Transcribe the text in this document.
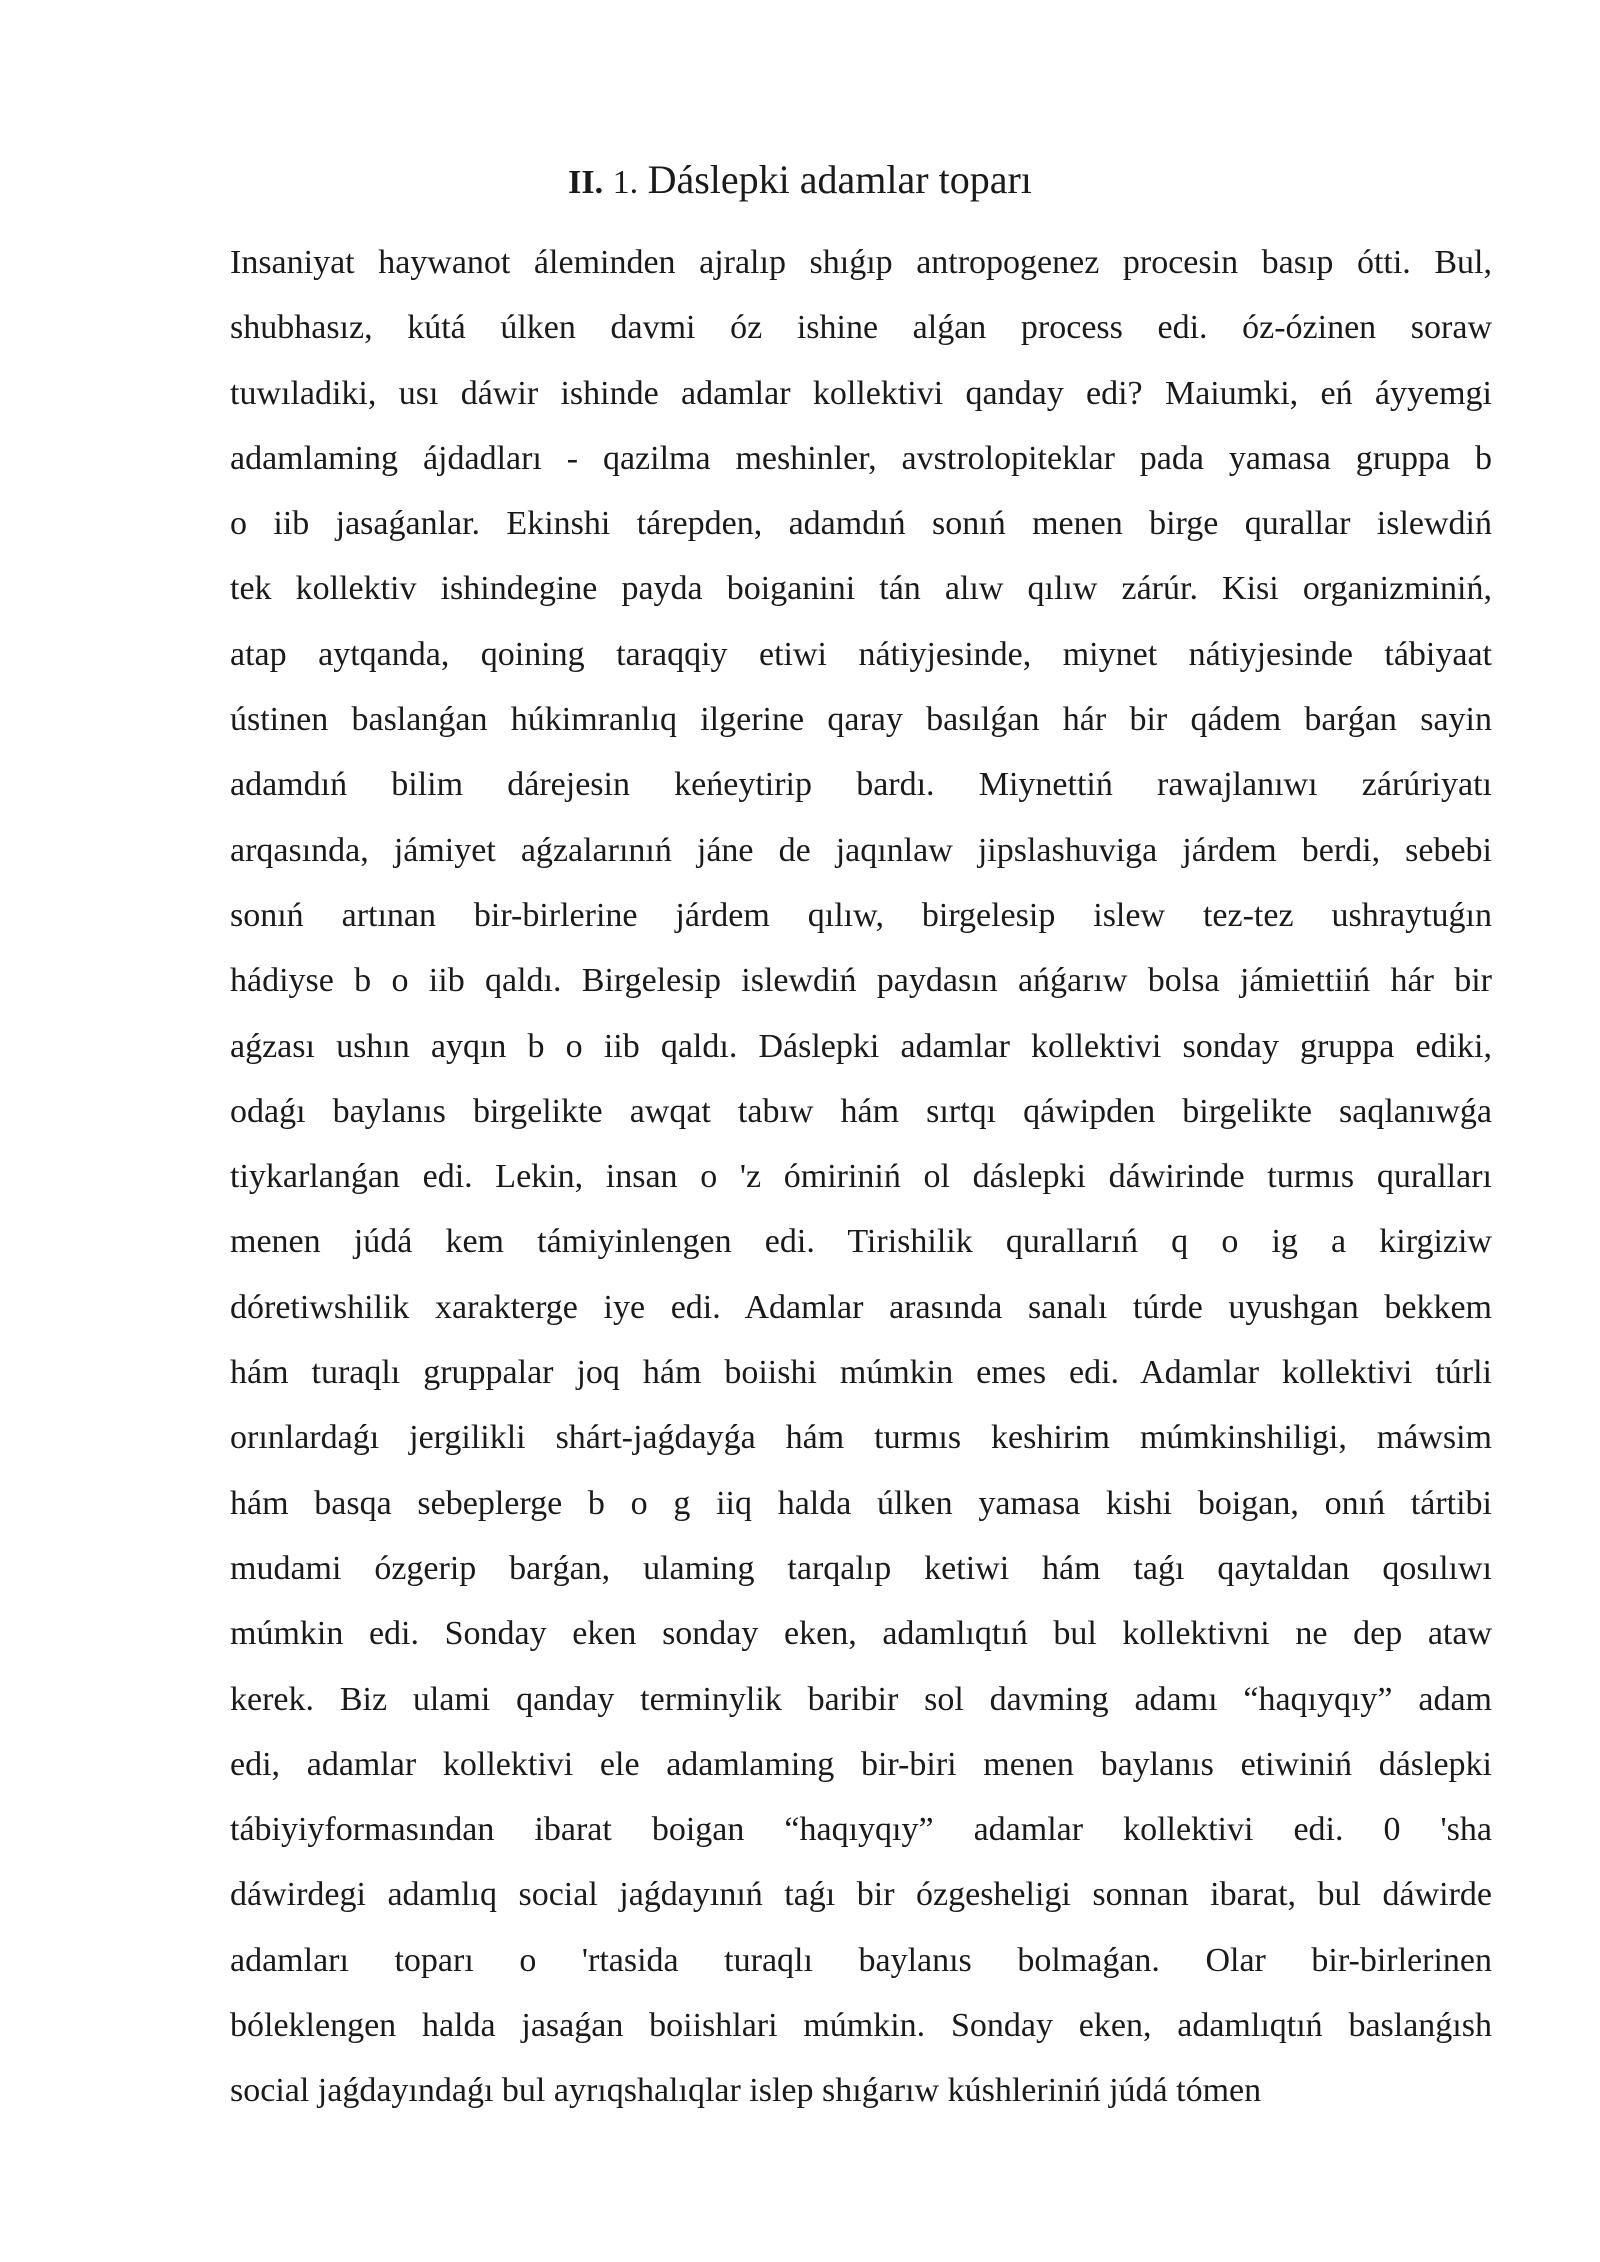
II. 1. Dáslepki adamlar toparı
Insaniyat haywanot áleminden ajralıp shıǵıp antropogenez procesin basıp ótti. Bul,
shubhasız, kútá úlken davmi óz ishine alǵan process edi. óz-ózinen soraw
tuwıladiki, usı dáwir ishinde adamlar kollektivi qanday edi? Maiumki, eń áyyemgi
adamlaming ájdadları - qazilma meshinler, avstrolopiteklar pada yamasa gruppa b
o iib jasaǵanlar. Ekinshi tárepden, adamdıń sonıń menen birge qurallar islewdiń
tek kollektiv ishindegine payda boiganini tán alıw qılıw zárúr. Kisi organizminiń,
atap aytqanda, qoining taraqqiy etiwi nátiyjesinde, miynet nátiyjesinde tábiyaat
ústinen baslanǵan húkimranlıq ilgerine qaray basılǵan hár bir qádem barǵan sayin
adamdıń bilim dárejesin keńeytirip bardı. Miynettiń rawajlanıwı zárúriyatı
arqasında, jámiyet aǵzalarınıń jáne de jaqınlaw jipslashuviga járdem berdi, sebebi
sonıń artınan bir-birlerine járdem qılıw, birgelesip islew tez-tez ushraytuǵın
hádiyse b o iib qaldı. Birgelesip islewdiń paydasın ańǵarıw bolsa jámiettiiń hár bir
aǵzası ushın ayqın b o iib qaldı. Dáslepki adamlar kollektivi sonday gruppa ediki,
odaǵı baylanıs birgelikte awqat tabıw hám sırtqı qáwipden birgelikte saqlanıwǵa
tiykarlanǵan edi. Lekin, insan o 'z ómiriniń ol dáslepki dáwirinde turmıs quralları
menen júdá kem támiyinlengen edi. Tirishilik qurallarıń q o ig a kirgiziw
dóretiwshilik xarakterge iye edi. Adamlar arasında sanalı túrde uyushgan bekkem
hám turaqlı gruppalar joq hám boiishi múmkin emes edi. Adamlar kollektivi túrli
orınlardaǵı jergilikli shárt-jaǵdayǵa hám turmıs keshirim múmkinshiligi, máwsim
hám basqa sebeplerge b o g iiq halda úlken yamasa kishi boigan, onıń tártibi
mudami ózgerip barǵan, ulaming tarqalıp ketiwi hám taǵı qaytaldan qosılıwı
múmkin edi. Sonday eken sonday eken, adamlıqtıń bul kollektivni ne dep ataw
kerek. Biz ulami qanday terminylik baribir sol davming adamı “haqıyqıy” adam
edi, adamlar kollektivi ele adamlaming bir-biri menen baylanıs etiwiniń dáslepki
tábiyiyformasından ibarat boigan “haqıyqıy” adamlar kollektivi edi. 0 'sha
dáwirdegi adamlıq social jaǵdayınıń taǵı bir ózgesheligi sonnan ibarat, bul dáwirde
adamları toparı o 'rtasida turaqlı baylanıs bolmaǵan. Olar bir-birlerinen
bóleklengen halda jasaǵan boiishlari múmkin. Sonday eken, adamlıqtıń baslanǵısh
social jaǵdayındaǵı bul ayrıqshalıqlar islep shıǵarıw kúshleriniń júdá tómen
